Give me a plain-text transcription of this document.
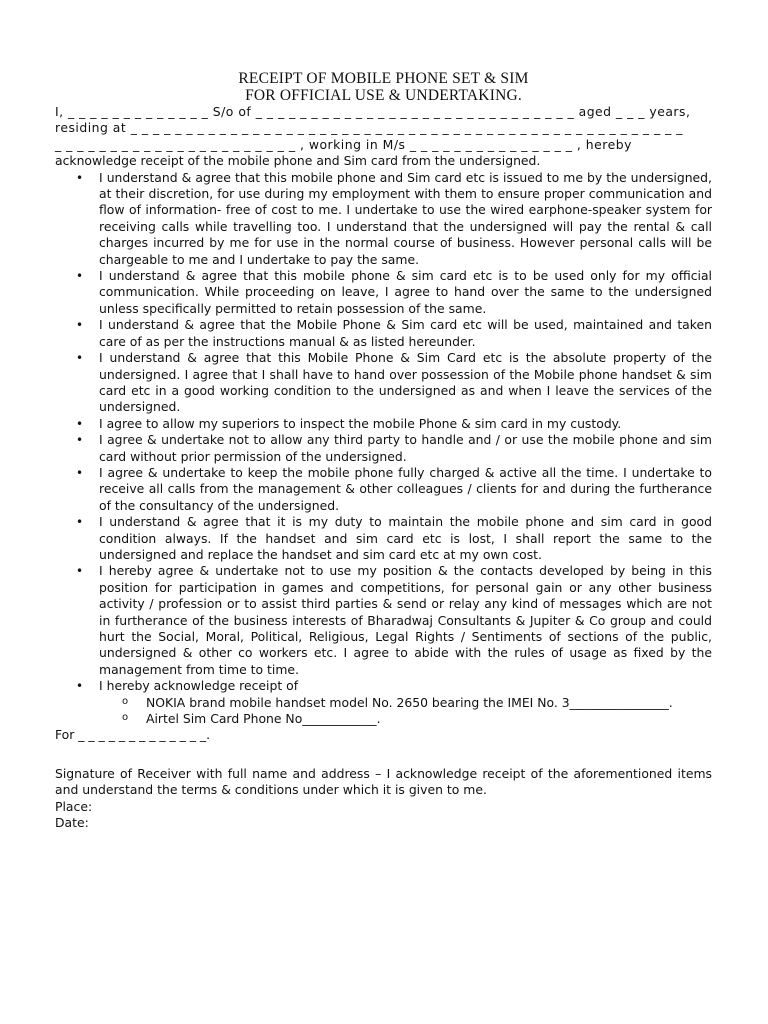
RECEIPT OF MOBILE PHONE SET & SIM
FOR OFFICIAL USE & UNDERTAKING.
I, _ _ _ _ _ _ _ _ _ _ _ _ _ S/o of _ _ _ _ _ _ _ _ _ _ _ _ _ _ _ _ _ _ _ _ _ _ _ _ _ _ _ _ _ aged _ _ _ years,
residing at _ _ _ _ _ _ _ _ _ _ _ _ _ _ _ _ _ _ _ _ _ _ _ _ _ _ _ _ _ _ _ _ _ _ _ _ _ _ _ _ _ _ _ _ _ _ _ _ _ _
_ _ _ _ _ _ _ _ _ _ _ _ _ _ _ _ _ _ _ _ _ _ , working in M/s _ _ _ _ _ _ _ _ _ _ _ _ _ _ _ , hereby
acknowledge receipt of the mobile phone and Sim card from the undersigned.
• I understand & agree that this mobile phone and Sim card etc is issued to me by the undersigned, at their discretion, for use during my employment with them to ensure proper communication and flow of information- free of cost to me. I undertake to use the wired earphone-speaker system for receiving calls while travelling too. I understand that the undersigned will pay the rental & call charges incurred by me for use in the normal course of business. However personal calls will be chargeable to me and I undertake to pay the same.
• I understand & agree that this mobile phone & sim card etc is to be used only for my official communication. While proceeding on leave, I agree to hand over the same to the undersigned unless specifically permitted to retain possession of the same.
• I understand & agree that the Mobile Phone & Sim card etc will be used, maintained and taken care of as per the instructions manual & as listed hereunder.
• I understand & agree that this Mobile Phone & Sim Card etc is the absolute property of the undersigned. I agree that I shall have to hand over possession of the Mobile phone handset & sim card etc in a good working condition to the undersigned as and when I leave the services of the undersigned.
• I agree to allow my superiors to inspect the mobile Phone & sim card in my custody.
• I agree & undertake not to allow any third party to handle and / or use the mobile phone and sim card without prior permission of the undersigned.
• I agree & undertake to keep the mobile phone fully charged & active all the time. I undertake to receive all calls from the management & other colleagues / clients for and during the furtherance of the consultancy of the undersigned.
• I understand & agree that it is my duty to maintain the mobile phone and sim card in good condition always. If the handset and sim card etc is lost, I shall report the same to the undersigned and replace the handset and sim card etc at my own cost.
• I hereby agree & undertake not to use my position & the contacts developed by being in this position for participation in games and competitions, for personal gain or any other business activity / profession or to assist third parties & send or relay any kind of messages which are not in furtherance of the business interests of Bharadwaj Consultants & Jupiter & Co group and could hurt the Social, Moral, Political, Religious, Legal Rights / Sentiments of sections of the public, undersigned & other co workers etc. I agree to abide with the rules of usage as fixed by the management from time to time.
• I hereby acknowledge receipt of
o NOKIA brand mobile handset model No. 2650 bearing the IMEI No. 3________________.
o Airtel Sim Card Phone No____________.
For _ _ _ _ _ _ _ _ _ _ _ _ _.
Signature of Receiver with full name and address – I acknowledge receipt of the aforementioned items and understand the terms & conditions under which it is given to me.
Place:
Date:
